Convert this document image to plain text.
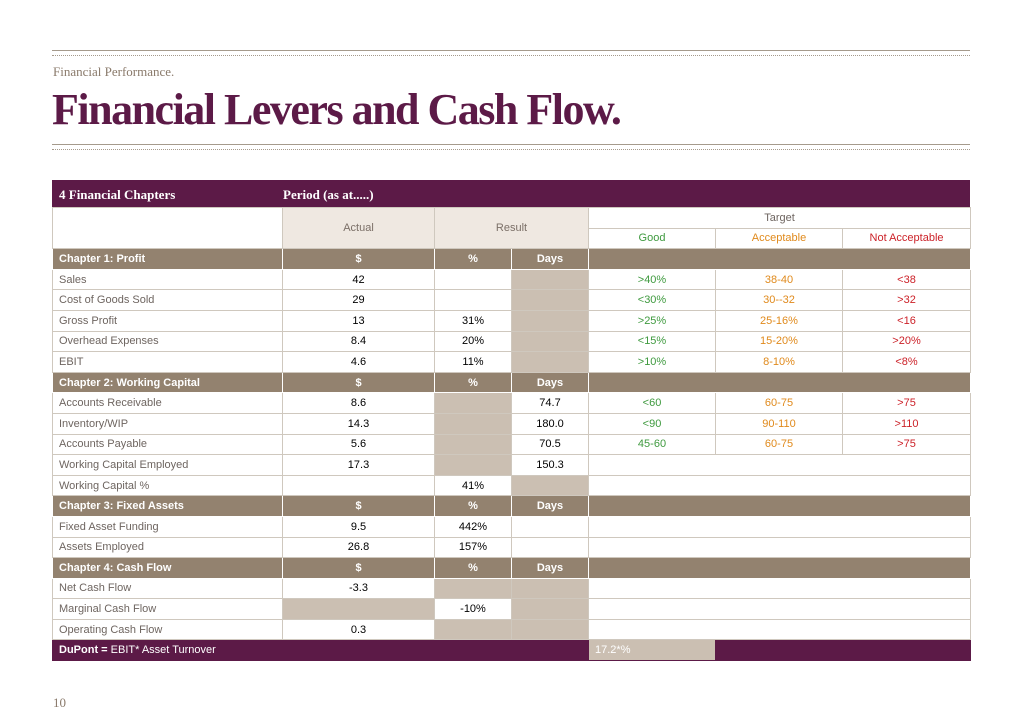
Financial Performance.
Financial Levers and Cash Flow.
4 Financial Chapters	Period (as at.....)
	Actual	Result		Target		
				Good	Acceptable	Not Acceptable
Chapter 1: Profit	$	%	Days			
Sales	42			>40%	38-40	<38
Cost of Goods Sold	29			<30%	30--32	>32
Gross Profit	13	31%		>25%	25-16%	<16
Overhead Expenses	8.4	20%		<15%	15-20%	>20%
EBIT	4.6	11%		>10%	8-10%	<8%
Chapter 2: Working Capital	$	%	Days			
Accounts Receivable	8.6		74.7	<60	60-75	>75
Inventory/WIP	14.3		180.0	<90	90-110	>110
Accounts Payable	5.6		70.5	45-60	60-75	>75
Working Capital Employed	17.3		150.3			
Working Capital %		41%				
Chapter 3: Fixed Assets	$	%	Days			
Fixed Asset Funding	9.5	442%				
Assets Employed	26.8	157%				
Chapter 4: Cash Flow	$	%	Days			
Net Cash Flow	-3.3					
Marginal Cash Flow		-10%				
Operating Cash Flow	0.3					
DuPont = EBIT* Asset Turnover				17.2*%		
10
